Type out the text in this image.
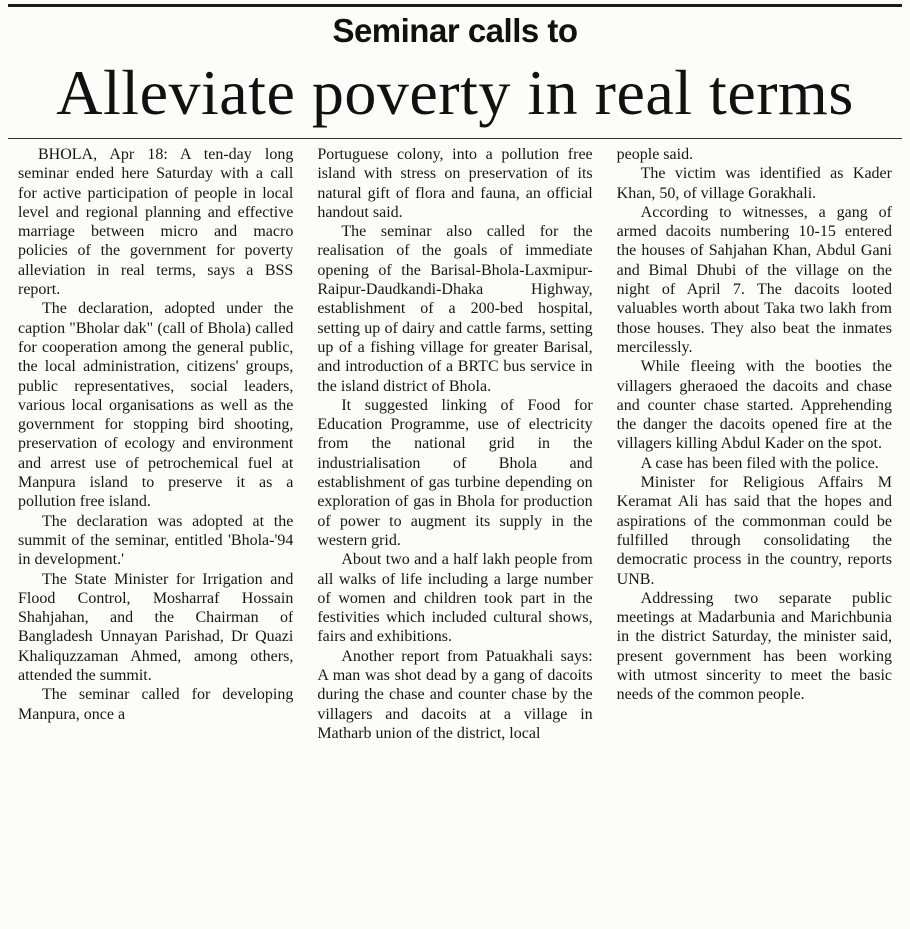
Seminar calls to
Alleviate poverty in real terms

BHOLA, Apr 18: A ten-day long seminar ended here Saturday with a call for active participation of people in local level and regional planning and effective marriage between micro and macro policies of the government for poverty alleviation in real terms, says a BSS report.

The declaration, adopted under the caption "Bholar dak" (call of Bhola) called for cooperation among the general public, the local administration, citizens' groups, public representatives, social leaders, various local organisations as well as the government for stopping bird shooting, preservation of ecology and environment and arrest use of petrochemical fuel at Manpura island to preserve it as a pollution free island.

The declaration was adopted at the summit of the seminar, entitled 'Bhola-'94 in development.'

The State Minister for Irrigation and Flood Control, Mosharraf Hossain Shahjahan, and the Chairman of Bangladesh Unnayan Parishad, Dr Quazi Khaliquzzaman Ahmed, among others, attended the summit.

The seminar called for developing Manpura, once a

Portuguese colony, into a pollution free island with stress on preservation of its natural gift of flora and fauna, an official handout said.

The seminar also called for the realisation of the goals of immediate opening of the Barisal-Bhola-Laxmipur-Raipur-Daudkandi-Dhaka Highway, establishment of a 200-bed hospital, setting up of dairy and cattle farms, setting up of a fishing village for greater Barisal, and introduction of a BRTC bus service in the island district of Bhola.

It suggested linking of Food for Education Programme, use of electricity from the national grid in the industrialisation of Bhola and establishment of gas turbine depending on exploration of gas in Bhola for production of power to augment its supply in the western grid.

About two and a half lakh people from all walks of life including a large number of women and children took part in the festivities which included cultural shows, fairs and exhibitions.

Another report from Patuakhali says: A man was shot dead by a gang of dacoits during the chase and counter chase by the villagers and dacoits at a village in Matharb union of the district, local

people said.

The victim was identified as Kader Khan, 50, of village Gorakhali.

According to witnesses, a gang of armed dacoits numbering 10-15 entered the houses of Sahjahan Khan, Abdul Gani and Bimal Dhubi of the village on the night of April 7. The dacoits looted valuables worth about Taka two lakh from those houses. They also beat the inmates mercilessly.

While fleeing with the booties the villagers gheraoed the dacoits and chase and counter chase started. Apprehending the danger the dacoits opened fire at the villagers killing Abdul Kader on the spot.

A case has been filed with the police.

Minister for Religious Affairs M Keramat Ali has said that the hopes and aspirations of the commonman could be fulfilled through consolidating the democratic process in the country, reports UNB.

Addressing two separate public meetings at Madarbunia and Marichbunia in the district Saturday, the minister said, present government has been working with utmost sincerity to meet the basic needs of the common people.
